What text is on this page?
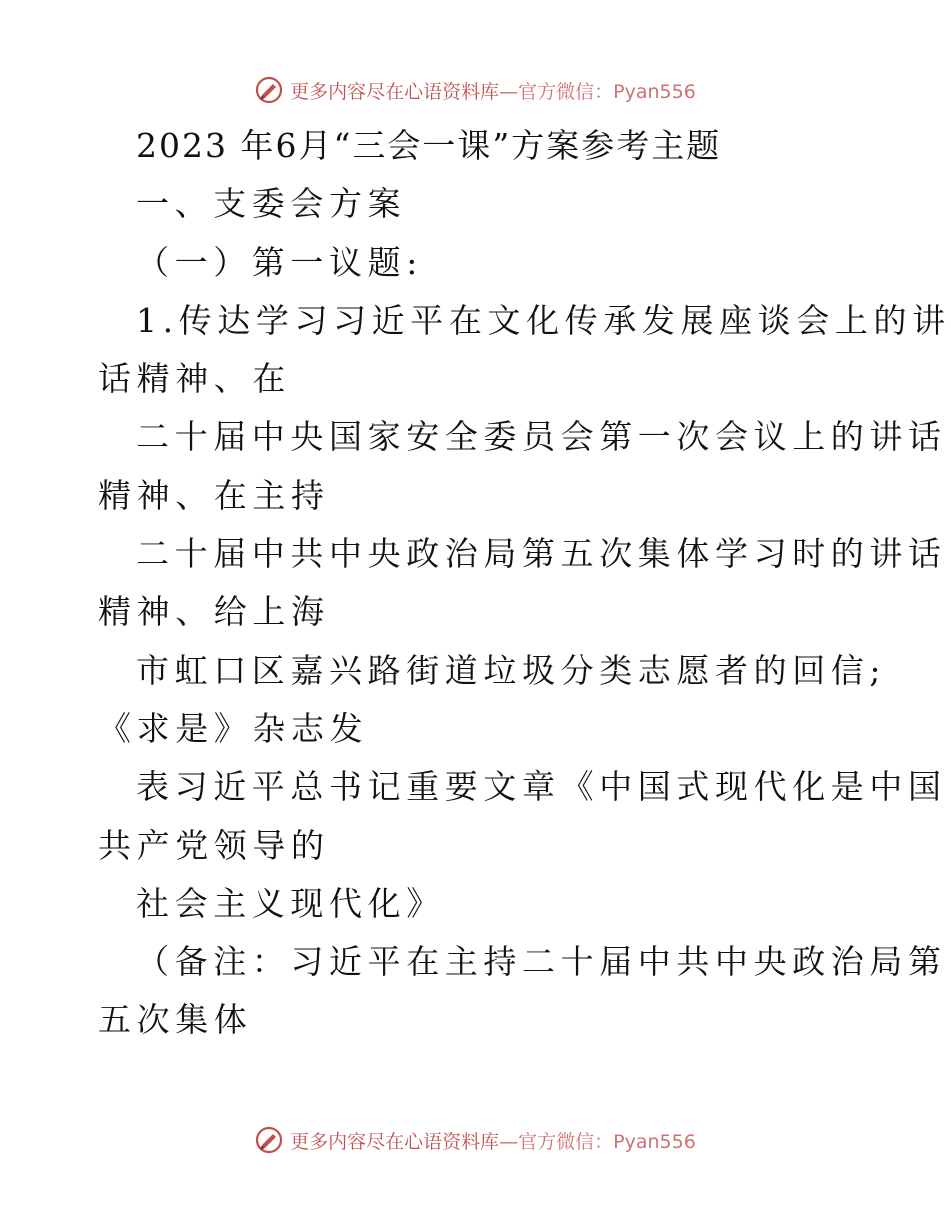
更多内容尽在心语资料库 —官方微信：Pyan556
2023 年6月“三会一课”方案参考主题
一、支委会方案
（一）第一议题:
1.传达学习习近平在文化传承发展座谈会上的讲
话精神、在
二十届中央国家安全委员会第一次会议上的讲话
精神、在主持
二十届中共中央政治局第五次集体学习时的讲话
精神、给上海
市虹口区嘉兴路街道垃圾分类志愿者的回信;
《求是》杂志发
表习近平总书记重要文章《中国式现代化是中国
共产党领导的
社会主义现代化》
（备注：习近平在主持二十届中共中央政治局第
五次集体
更多内容尽在心语资料库 —官方微信：Pyan556
